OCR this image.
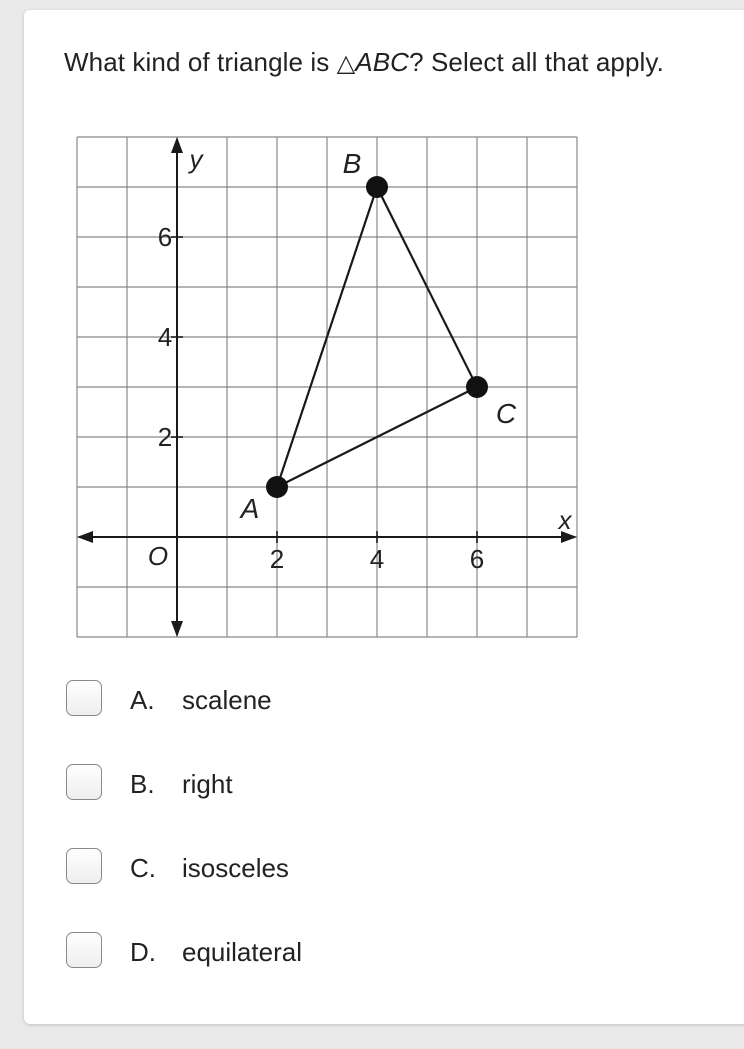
What kind of triangle is △ABC? Select all that apply.
2	4	6
2
4
6
O
x
y
A
B
C
A. scalene
B. right
C. isosceles
D. equilateral
